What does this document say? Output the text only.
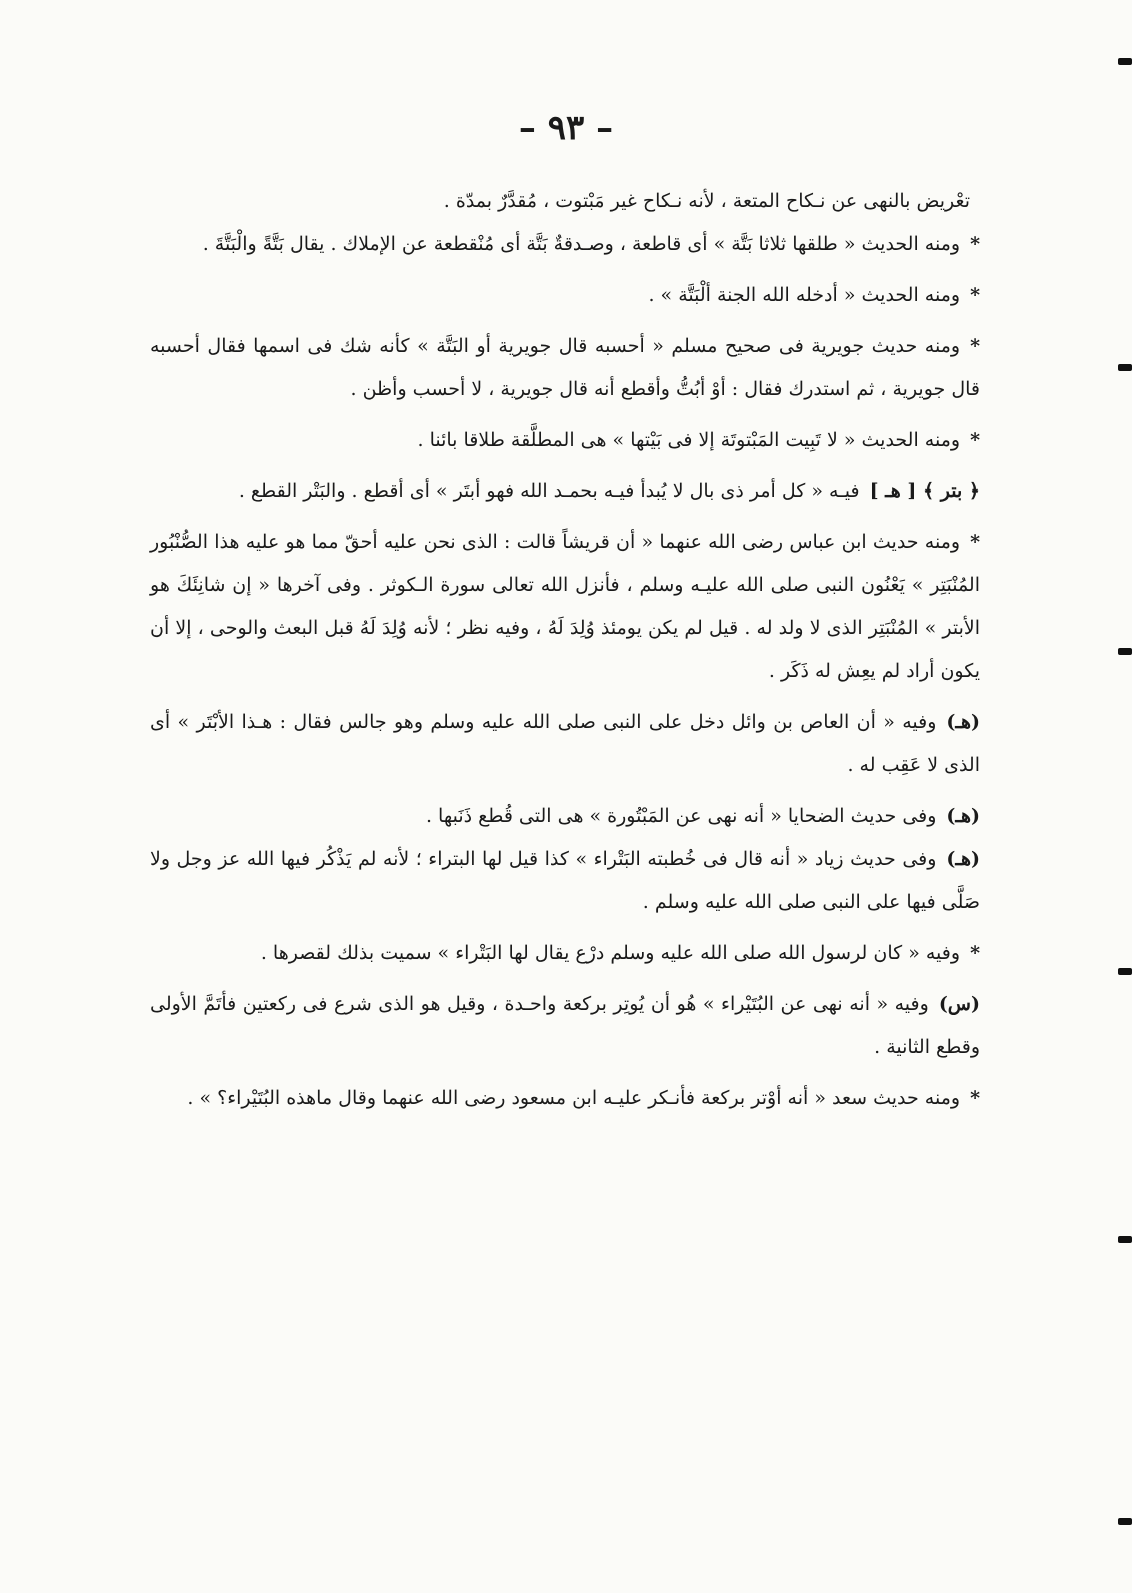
– ٩٣ –

تعْريض بالنهى عن نـكاح المتعة ، لأنه نـكاح غير مَبْتوت ، مُقدَّرٌ بمدّة .

*ومنه الحديث « طلقها ثلاثا بَتَّة » أى قاطعة ، وصـدقةٌ بَتَّة أى مُنْقطعة عن الإملاك . يقال بَتَّةً والْبَتَّةَ .

*ومنه الحديث « أدخله الله الجنة ألْبَتَّة » .

*ومنه حديث جويرية فى صحيح مسلم « أحسبه قال جويرية أو البَتَّة » كأنه شك فى اسمها فقال أحسبه قال جويرية ، ثم استدرك فقال : أوْ أبُتُّ وأقطع أنه قال جويرية ، لا أحسب وأظن .

*ومنه الحديث « لا تَبِيت المَبْتوتَة إلا فى بَيْتها » هى المطلَّقة طلاقا بائنا .

﴿ بتر ﴾ [ هـ ]فيـه « كل أمر ذى بال لا يُبدأ فيـه بحمـد الله فهو أبتَر » أى أقطع . والبَتْر القطع .

*ومنه حديث ابن عباس رضى الله عنهما « أن قريشاً قالت : الذى نحن عليه أحقّ مما هو عليه هذا الصُّنْبُور المُنْبَتِر » يَعْنُون النبى صلى الله عليـه وسلم ، فأنزل الله تعالى سورة الـكوثر . وفى آخرها « إن شانِئَكَ هو الأبتر » المُنْبَتِر الذى لا ولد له . قيل لم يكن يومئذ وُلِدَ لَهُ ، وفيه نظر ؛ لأنه وُلِدَ لَهُ قبل البعث والوحى ، إلا أن يكون أراد لم يعِش له ذَكَر .

(هـ)وفيه « أن العاص بن وائل دخل على النبى صلى الله عليه وسلم وهو جالس فقال : هـذا الأبْتَر » أى الذى لا عَقِب له .

(هـ)وفى حديث الضحايا « أنه نهى عن المَبْتُورة » هى التى قُطع ذَنَبها .

(هـ)وفى حديث زياد « أنه قال فى خُطبته البَتْراء » كذا قيل لها البتراء ؛ لأنه لم يَذْكُر فيها الله عز وجل ولا صَلَّى فيها على النبى صلى الله عليه وسلم .

*وفيه « كان لرسول الله صلى الله عليه وسلم درْع يقال لها البَتْراء » سميت بذلك لقصرها .

(س)وفيه « أنه نهى عن البُتَيْراء » هُو أن يُوتِر بركعة واحـدة ، وقيل هو الذى شرع فى ركعتين فأتَمَّ الأولى وقطع الثانية .

*ومنه حديث سعد « أنه أوْتر بركعة فأنـكر عليـه ابن مسعود رضى الله عنهما وقال ماهذه البُتَيْراء؟ » .
